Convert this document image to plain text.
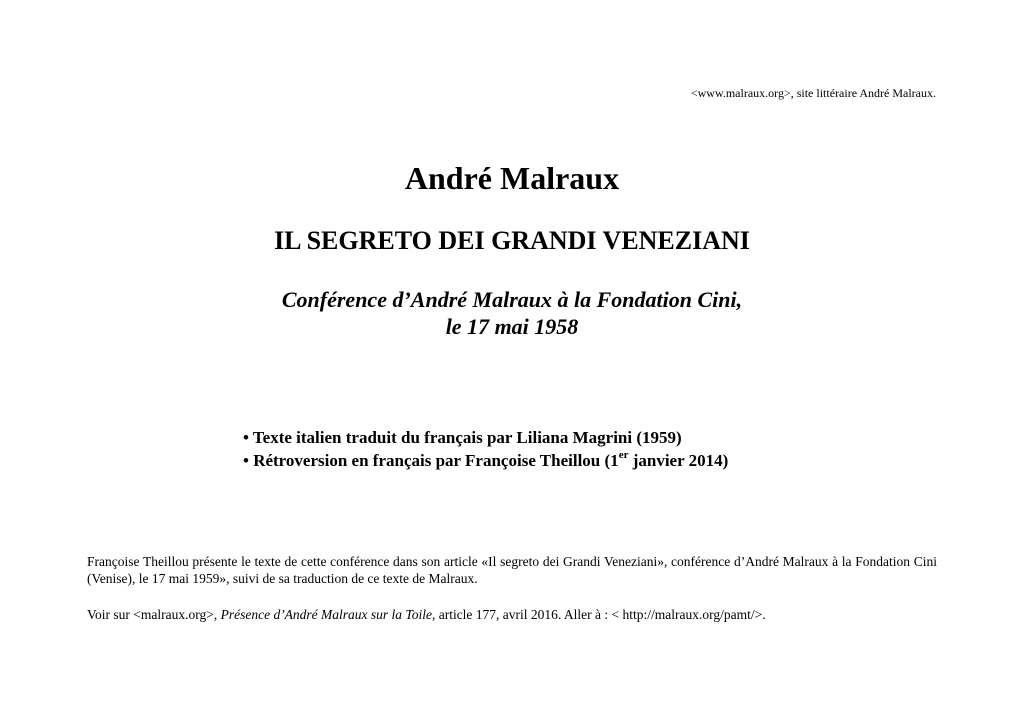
<www.malraux.org>, site littéraire André Malraux.
André Malraux
IL SEGRETO DEI GRANDI VENEZIANI
Conférence d’André Malraux à la Fondation Cini,
le 17 mai 1958
• Texte italien traduit du français par Liliana Magrini (1959)
• Rétroversion en français par Françoise Theillou (1er janvier 2014)
Françoise Theillou présente le texte de cette conférence dans son article «Il segreto dei Grandi Veneziani», conférence d’André Malraux à la Fondation Cini (Venise), le 17 mai 1959», suivi de sa traduction de ce texte de Malraux.
Voir sur <malraux.org>, Présence d’André Malraux sur la Toile, article 177, avril 2016. Aller à : < http://malraux.org/pamt/>.
